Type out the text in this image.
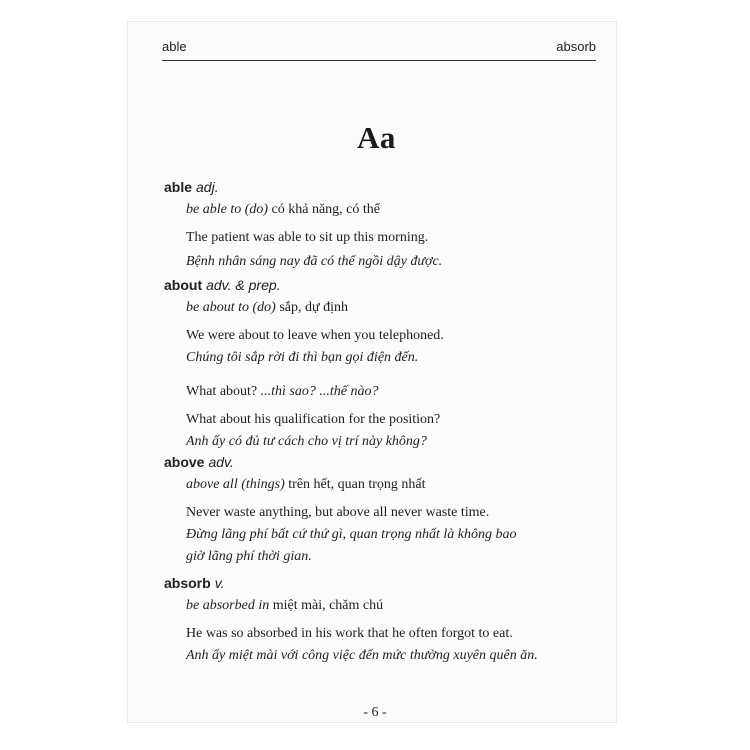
able	absorb
Aa
able adj.
be able to (do) có khả năng, có thể
The patient was able to sit up this morning.
Bệnh nhân sáng nay đã có thể ngồi dậy được.
about adv. & prep.
be about to (do) sắp, dự định
We were about to leave when you telephoned.
Chúng tôi sắp rời đi thì bạn gọi điện đến.
What about? ...thì sao? ...thế nào?
What about his qualification for the position?
Anh ấy có đủ tư cách cho vị trí này không?
above adv.
above all (things) trên hết, quan trọng nhất
Never waste anything, but above all never waste time.
Đừng lãng phí bất cứ thứ gì, quan trọng nhất là không bao
giờ lãng phí thời gian.
absorb v.
be absorbed in miệt mài, chăm chú
He was so absorbed in his work that he often forgot to eat.
Anh ấy miệt mài với công việc đến mức thường xuyên quên ăn.
- 6 -
